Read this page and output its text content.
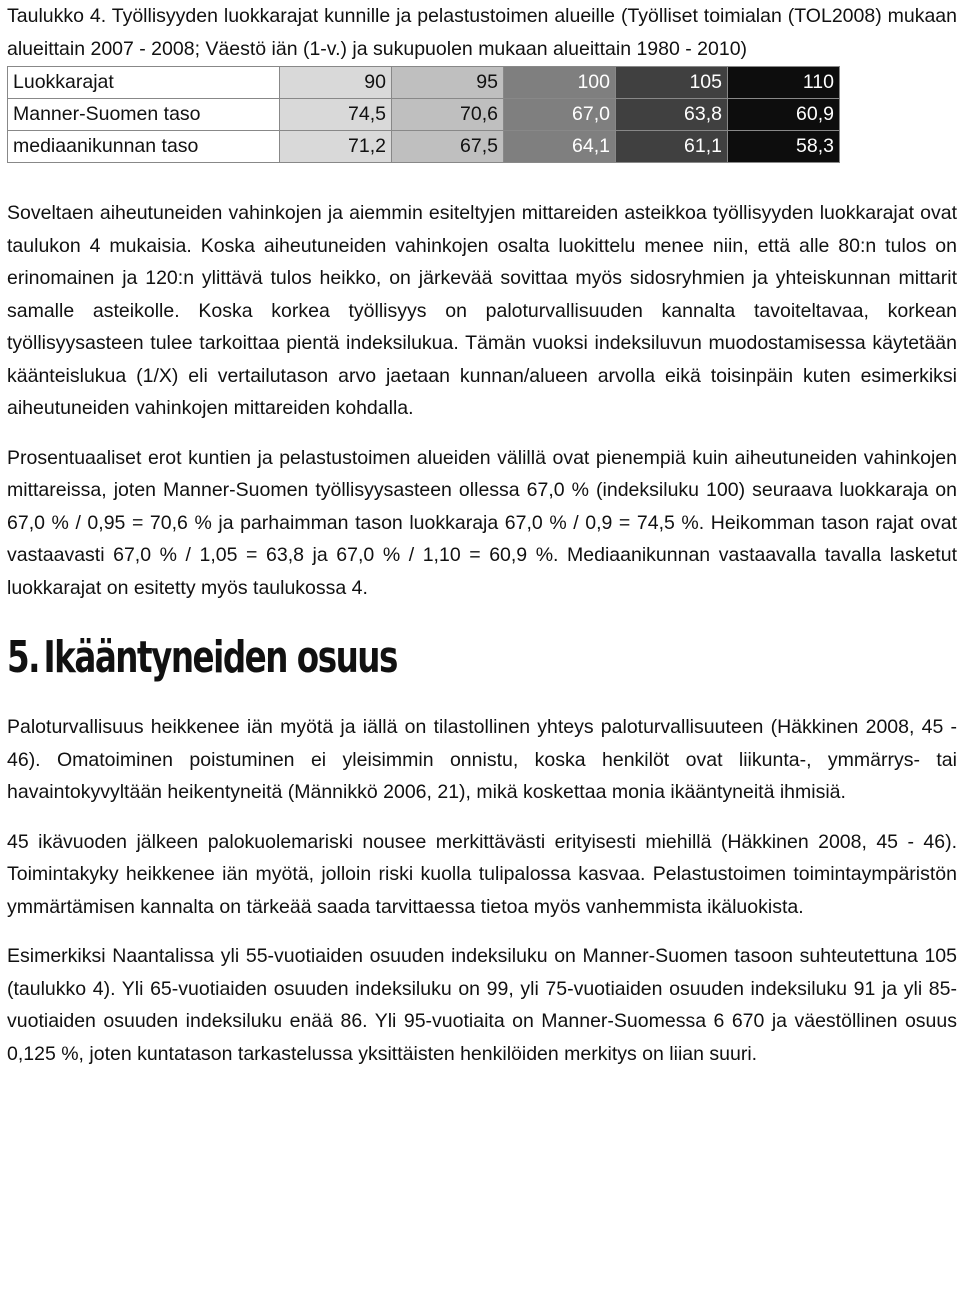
Taulukko 4. Työllisyyden luokkarajat kunnille ja pelastustoimen alueille (Työlliset toimialan (TOL2008) mukaan alueittain 2007 - 2008; Väestö iän (1-v.) ja sukupuolen mukaan alueittain 1980 - 2010)
Luokkarajat	90	95	100	105	110
Manner-Suomen taso	74,5	70,6	67,0	63,8	60,9
mediaanikunnan taso	71,2	67,5	64,1	61,1	58,3

Soveltaen aiheutuneiden vahinkojen ja aiemmin esiteltyjen mittareiden asteikkoa työllisyyden luokkarajat ovat taulukon 4 mukaisia. Koska aiheutuneiden vahinkojen osalta luokittelu menee niin, että alle 80:n tulos on erinomainen ja 120:n ylittävä tulos heikko, on järkevää sovittaa myös sidosryhmien ja yhteiskunnan mittarit samalle asteikolle. Koska korkea työllisyys on paloturvallisuuden kannalta tavoiteltavaa, korkean työllisyysasteen tulee tarkoittaa pientä indeksilukua. Tämän vuoksi indeksiluvun muodostamisessa käytetään käänteislukua (1/X) eli vertailutason arvo jaetaan kunnan/alueen arvolla eikä toisinpäin kuten esimerkiksi aiheutuneiden vahinkojen mittareiden kohdalla.

Prosentuaaliset erot kuntien ja pelastustoimen alueiden välillä ovat pienempiä kuin aiheutuneiden vahinkojen mittareissa, joten Manner-Suomen työllisyysasteen ollessa 67,0 % (indeksiluku 100) seuraava luokkaraja on 67,0 % / 0,95 = 70,6 % ja parhaimman tason luokkaraja 67,0 % / 0,9 = 74,5 %. Heikomman tason rajat ovat vastaavasti 67,0 % / 1,05 = 63,8 ja 67,0 % / 1,10 = 60,9 %. Mediaanikunnan vastaavalla tavalla lasketut luokkarajat on esitetty myös taulukossa 4.

5. Ikääntyneiden osuus

Paloturvallisuus heikkenee iän myötä ja iällä on tilastollinen yhteys paloturvallisuuteen (Häkkinen 2008, 45 - 46). Omatoiminen poistuminen ei yleisimmin onnistu, koska henkilöt ovat liikunta-, ymmärrys- tai havaintokyvyltään heikentyneitä (Männikkö 2006, 21), mikä koskettaa monia ikääntyneitä ihmisiä.

45 ikävuoden jälkeen palokuolemariski nousee merkittävästi erityisesti miehillä (Häkkinen 2008, 45 - 46). Toimintakyky heikkenee iän myötä, jolloin riski kuolla tulipalossa kasvaa. Pelastustoimen toimintaympäristön ymmärtämisen kannalta on tärkeää saada tarvittaessa tietoa myös vanhemmista ikäluokista.

Esimerkiksi Naantalissa yli 55-vuotiaiden osuuden indeksiluku on Manner-Suomen tasoon suhteutettuna 105 (taulukko 4). Yli 65-vuotiaiden osuuden indeksiluku on 99, yli 75-vuotiaiden osuuden indeksiluku 91 ja yli 85-vuotiaiden osuuden indeksiluku enää 86. Yli 95-vuotiaita on Manner-Suomessa 6 670 ja väestöllinen osuus 0,125 %, joten kuntatason tarkastelussa yksittäisten henkilöiden merkitys on liian suuri.
